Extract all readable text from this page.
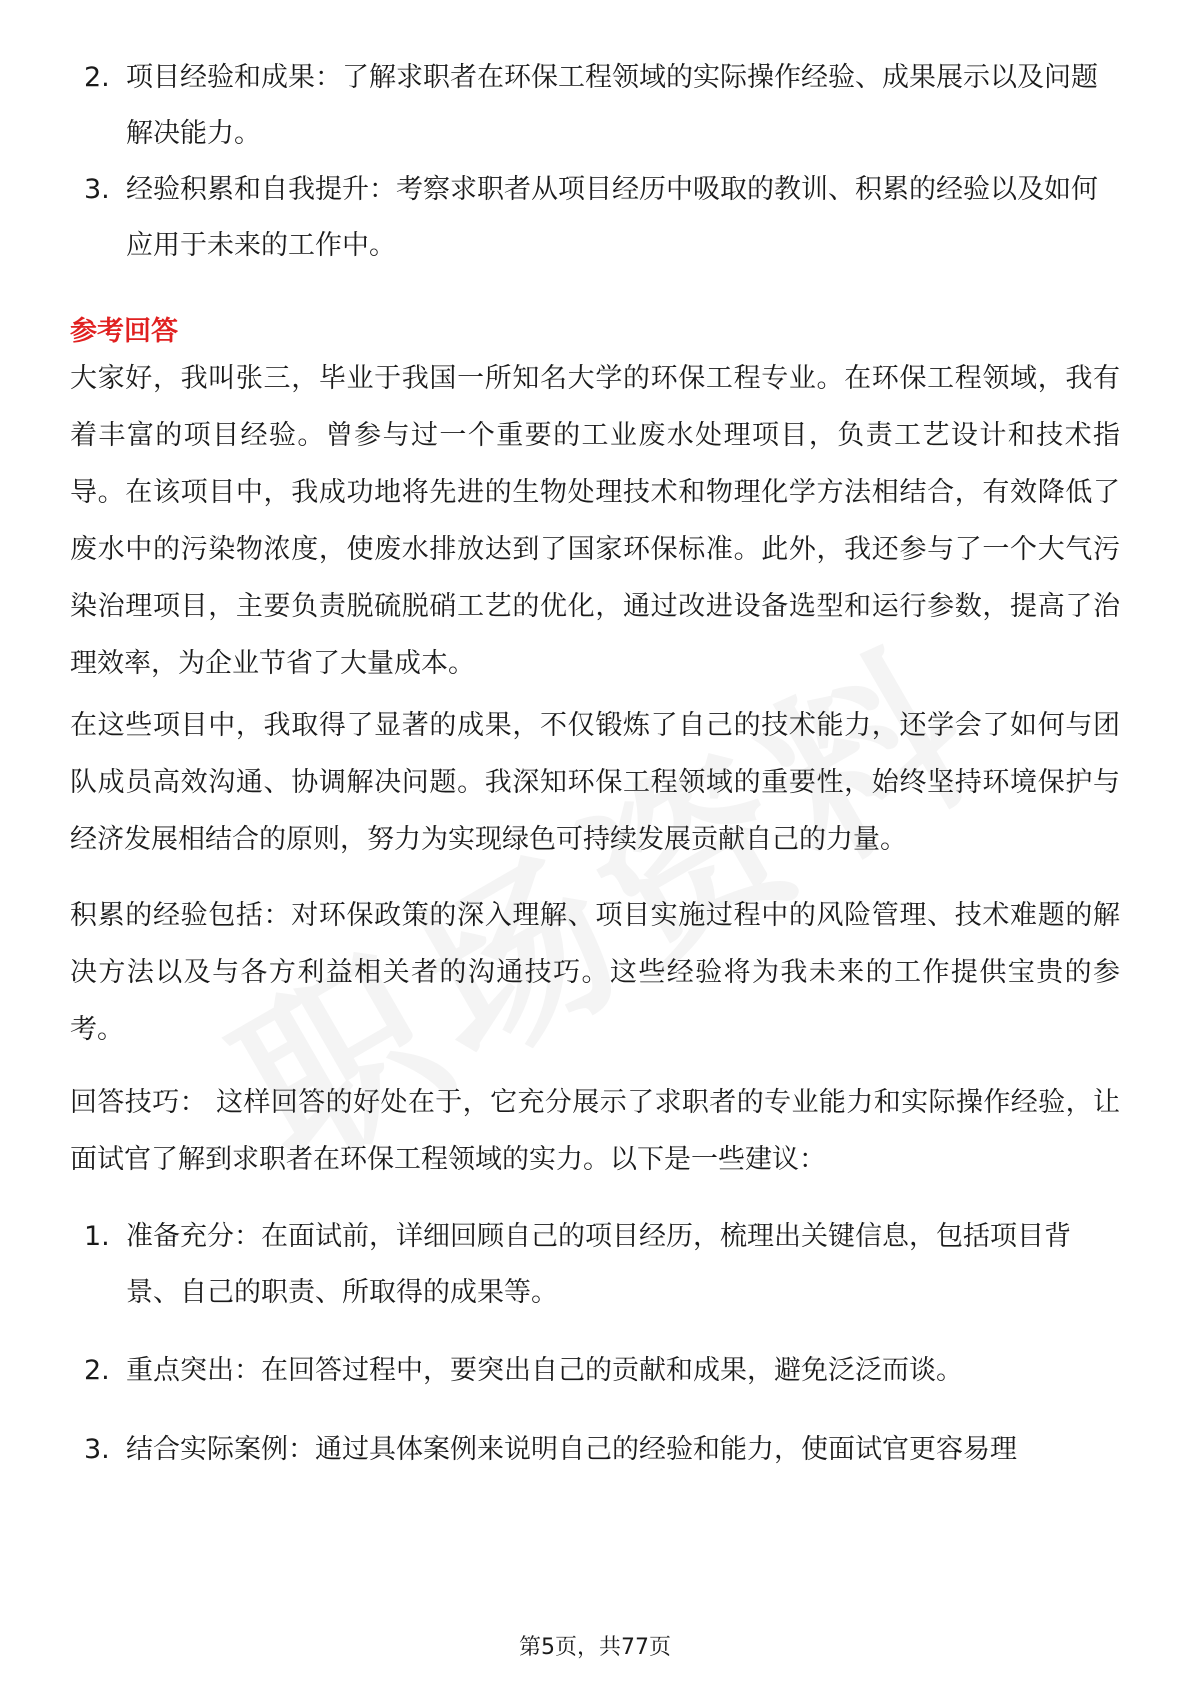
2. 项目经验和成果：了解求职者在环保工程领域的实际操作经验、成果展示以及问题解决能力。
3. 经验积累和自我提升：考察求职者从项目经历中吸取的教训、积累的经验以及如何应用于未来的工作中。
参考回答
大家好，我叫张三，毕业于我国一所知名大学的环保工程专业。在环保工程领域，我有着丰富的项目经验。曾参与过一个重要的工业废水处理项目，负责工艺设计和技术指导。在该项目中，我成功地将先进的生物处理技术和物理化学方法相结合，有效降低了废水中的污染物浓度，使废水排放达到了国家环保标准。此外，我还参与了一个大气污染治理项目，主要负责脱硫脱硝工艺的优化，通过改进设备选型和运行参数，提高了治理效率，为企业节省了大量成本。
在这些项目中，我取得了显著的成果，不仅锻炼了自己的技术能力，还学会了如何与团队成员高效沟通、协调解决问题。我深知环保工程领域的重要性，始终坚持环境保护与经济发展相结合的原则，努力为实现绿色可持续发展贡献自己的力量。
积累的经验包括：对环保政策的深入理解、项目实施过程中的风险管理、技术难题的解决方法以及与各方利益相关者的沟通技巧。这些经验将为我未来的工作提供宝贵的参考。
回答技巧： 这样回答的好处在于，它充分展示了求职者的专业能力和实际操作经验，让面试官了解到求职者在环保工程领域的实力。以下是一些建议：
1. 准备充分：在面试前，详细回顾自己的项目经历，梳理出关键信息，包括项目背景、自己的职责、所取得的成果等。
2. 重点突出：在回答过程中，要突出自己的贡献和成果，避免泛泛而谈。
3. 结合实际案例：通过具体案例来说明自己的经验和能力，使面试官更容易理
第5页，共77页
